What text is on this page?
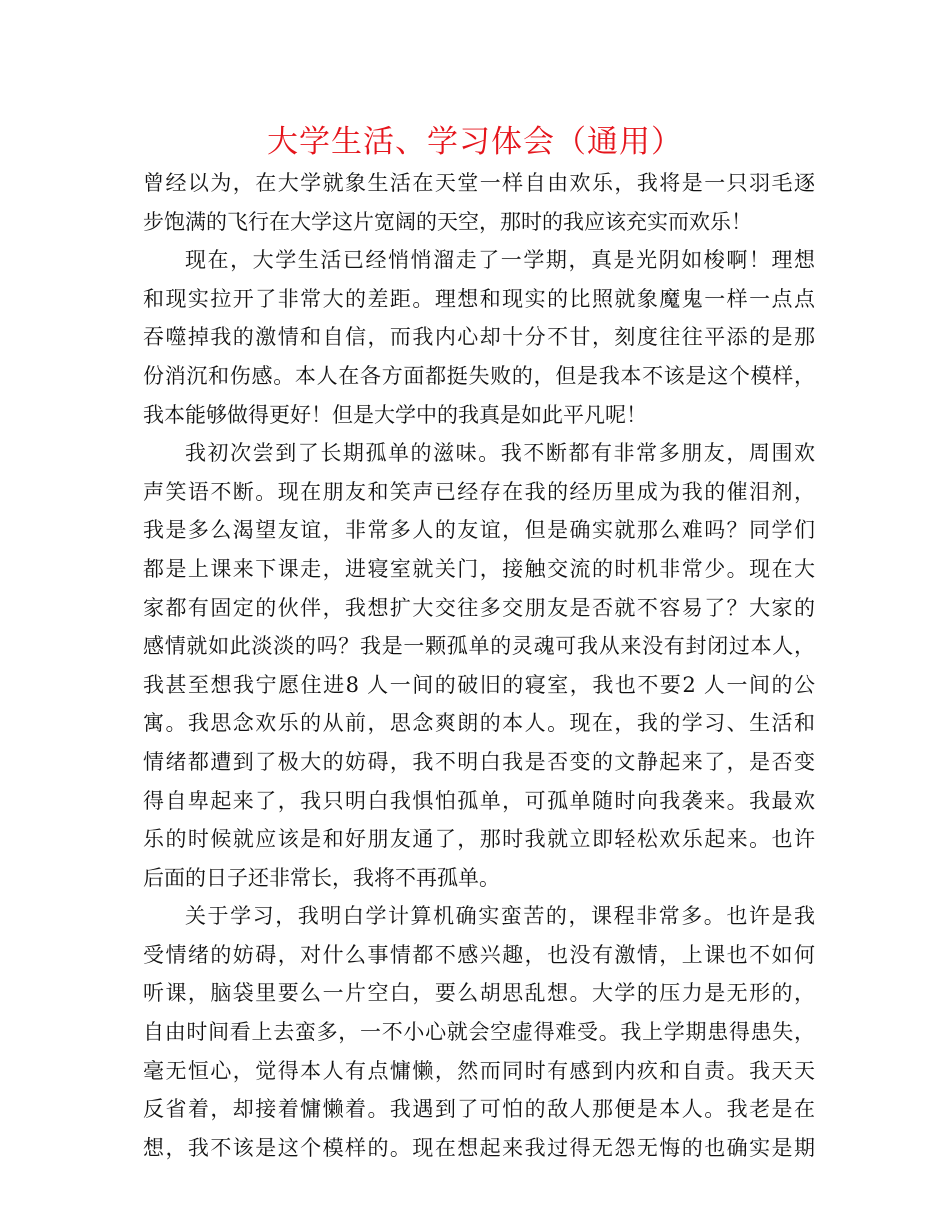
大学生活、学习体会（通用）
曾经以为，在大学就象生活在天堂一样自由欢乐，我将是一只羽毛逐
步饱满的飞行在大学这片宽阔的天空，那时的我应该充实而欢乐！
现在，大学生活已经悄悄溜走了一学期，真是光阴如梭啊！理想
和现实拉开了非常大的差距。理想和现实的比照就象魔鬼一样一点点
吞噬掉我的激情和自信，而我内心却十分不甘，刻度往往平添的是那
份消沉和伤感。本人在各方面都挺失败的，但是我本不该是这个模样，
我本能够做得更好！但是大学中的我真是如此平凡呢！
我初次尝到了长期孤单的滋味。我不断都有非常多朋友，周围欢
声笑语不断。现在朋友和笑声已经存在我的经历里成为我的催泪剂，
我是多么渴望友谊，非常多人的友谊，但是确实就那么难吗？同学们
都是上课来下课走，进寝室就关门，接触交流的时机非常少。现在大
家都有固定的伙伴，我想扩大交往多交朋友是否就不容易了？大家的
感情就如此淡淡的吗？我是一颗孤单的灵魂可我从来没有封闭过本人，
我甚至想我宁愿住进8 人一间的破旧的寝室，我也不要2 人一间的公
寓。我思念欢乐的从前，思念爽朗的本人。现在，我的学习、生活和
情绪都遭到了极大的妨碍，我不明白我是否变的文静起来了，是否变
得自卑起来了，我只明白我惧怕孤单，可孤单随时向我袭来。我最欢
乐的时候就应该是和好朋友通了，那时我就立即轻松欢乐起来。也许
后面的日子还非常长，我将不再孤单。
关于学习，我明白学计算机确实蛮苦的，课程非常多。也许是我
受情绪的妨碍，对什么事情都不感兴趣，也没有激情，上课也不如何
听课，脑袋里要么一片空白，要么胡思乱想。大学的压力是无形的，
自由时间看上去蛮多，一不小心就会空虚得难受。我上学期患得患失，
毫无恒心，觉得本人有点慵懒，然而同时有感到内疚和自责。我天天
反省着，却接着慵懒着。我遇到了可怕的敌人那便是本人。我老是在
想，我不该是这个模样的。现在想起来我过得无怨无悔的也确实是期
